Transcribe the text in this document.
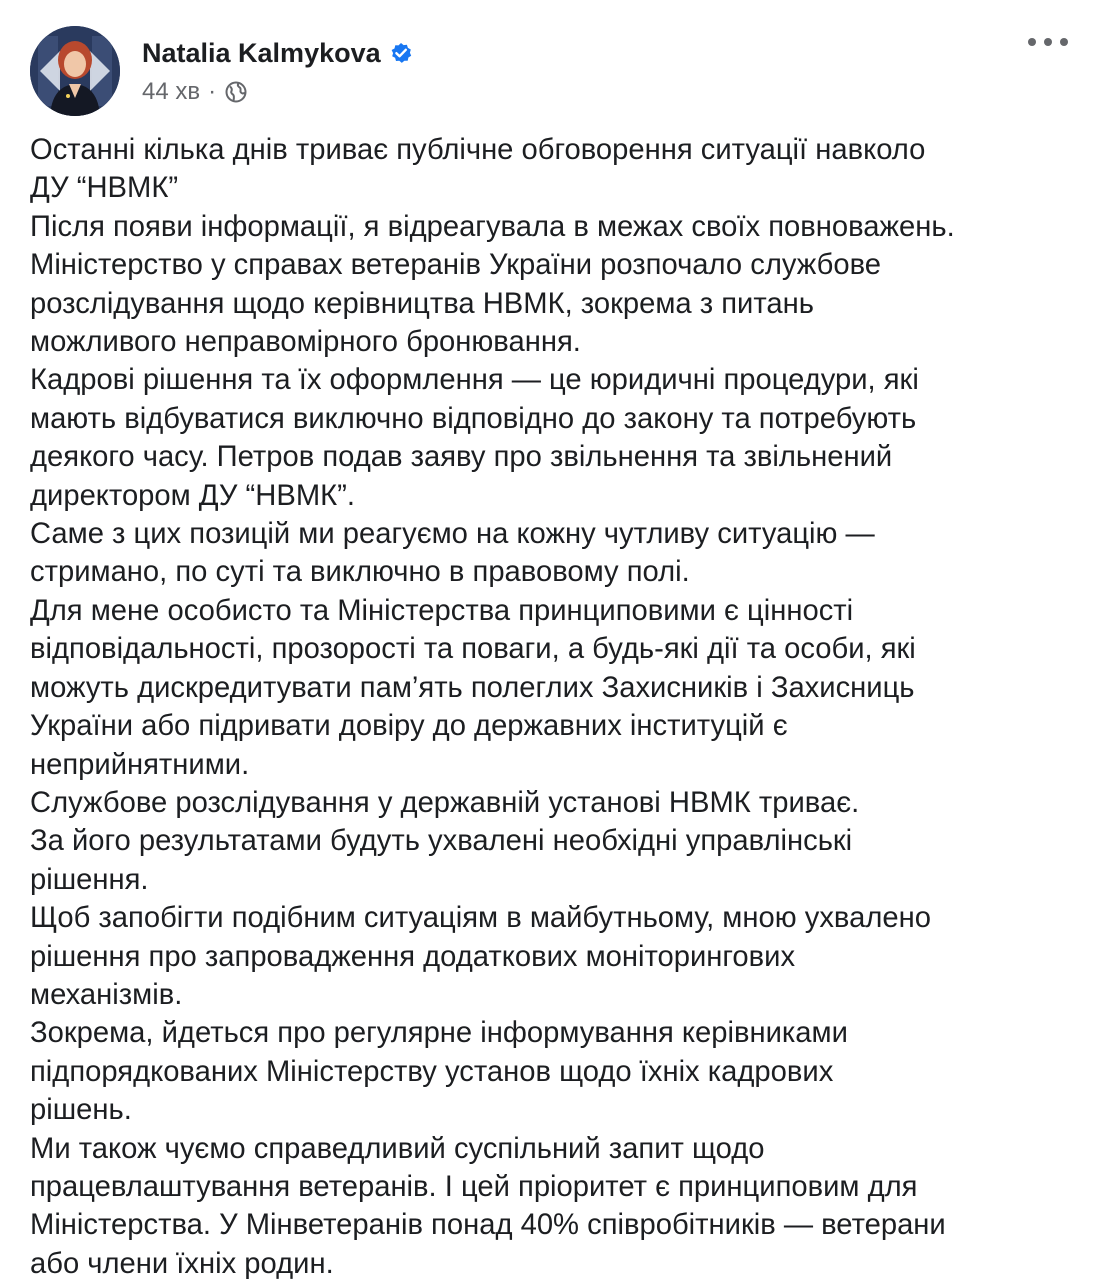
Natalia Kalmykova
44 хв ·

Останні кілька днів триває публічне обговорення ситуації навколо

ДУ “НВМК”

Після появи інформації, я відреагувала в межах своїх повноважень.

Міністерство у справах ветеранів України розпочало службове

розслідування щодо керівництва НВМК, зокрема з питань

можливого неправомірного бронювання.

Кадрові рішення та їх оформлення — це юридичні процедури, які

мають відбуватися виключно відповідно до закону та потребують

деякого часу. Петров подав заяву про звільнення та звільнений

директором ДУ “НВМК”.

Саме з цих позицій ми реагуємо на кожну чутливу ситуацію —

стримано, по суті та виключно в правовому полі.

Для мене особисто та Міністерства принциповими є цінності

відповідальності, прозорості та поваги, а будь-які дії та особи, які

можуть дискредитувати пам’ять полеглих Захисників і Захисниць

України або підривати довіру до державних інституцій є

неприйнятними.

Службове розслідування у державній установі НВМК триває.

За його результатами будуть ухвалені необхідні управлінські

рішення.

Щоб запобігти подібним ситуаціям в майбутньому, мною ухвалено

рішення про запровадження додаткових моніторингових

механізмів.

Зокрема, йдеться про регулярне інформування керівниками

підпорядкованих Міністерству установ щодо їхніх кадрових

рішень.

Ми також чуємо справедливий суспільний запит щодо

працевлаштування ветеранів. І цей пріоритет є принциповим для

Міністерства. У Мінветеранів понад 40% співробітників — ветерани

або члени їхніх родин.
